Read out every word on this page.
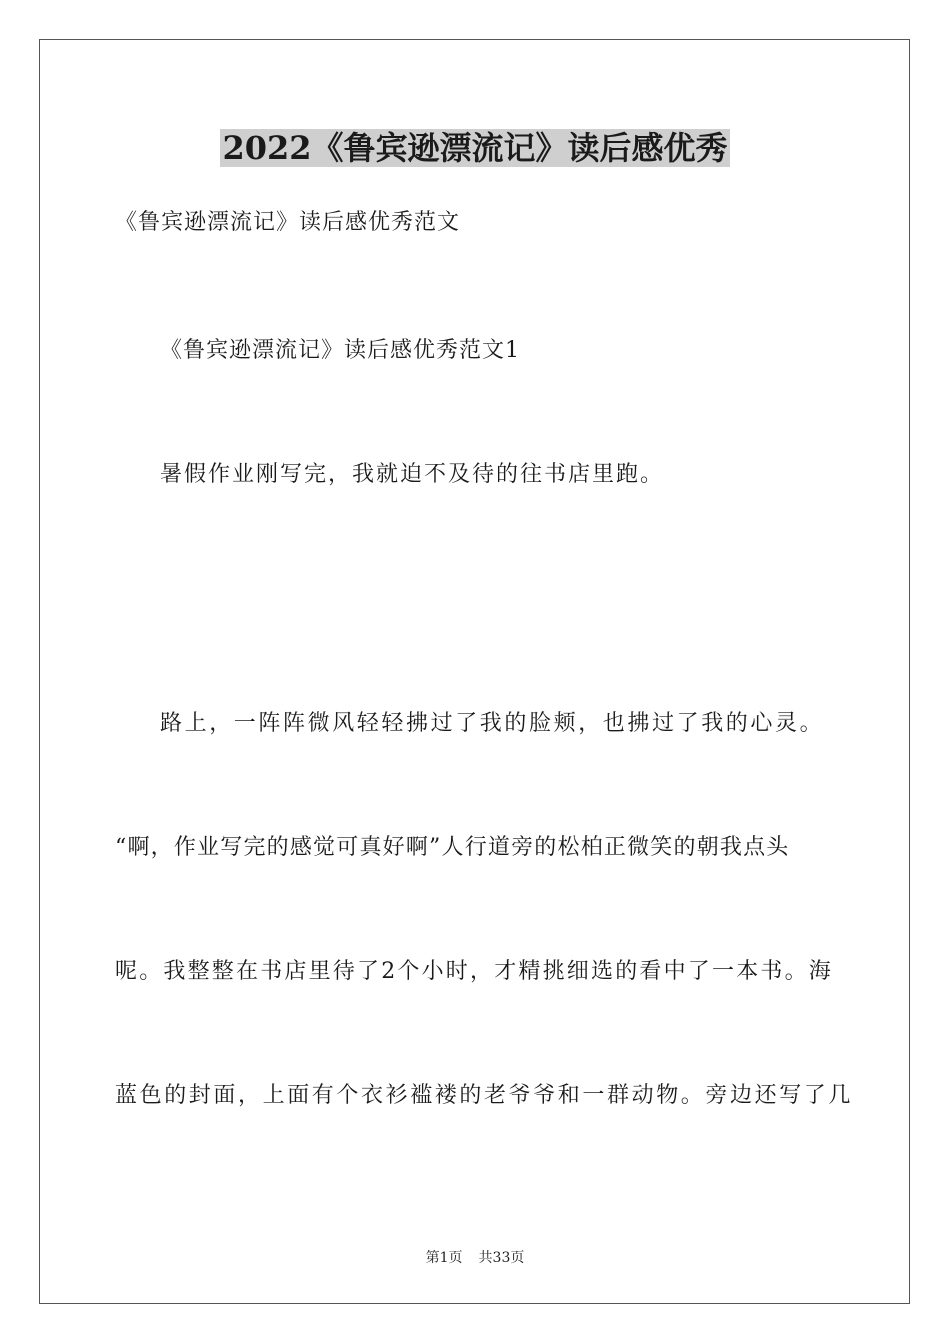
2022《鲁宾逊漂流记》读后感优秀
《鲁宾逊漂流记》读后感优秀范文
《鲁宾逊漂流记》读后感优秀范文1
暑假作业刚写完，我就迫不及待的往书店里跑。
路上，一阵阵微风轻轻拂过了我的脸颊，也拂过了我的心灵。
“啊，作业写完的感觉可真好啊”人行道旁的松柏正微笑的朝我点头
呢。我整整在书店里待了2个小时，才精挑细选的看中了一本书。海
蓝色的封面，上面有个衣衫褴褛的老爷爷和一群动物。旁边还写了几
第1页 共33页
